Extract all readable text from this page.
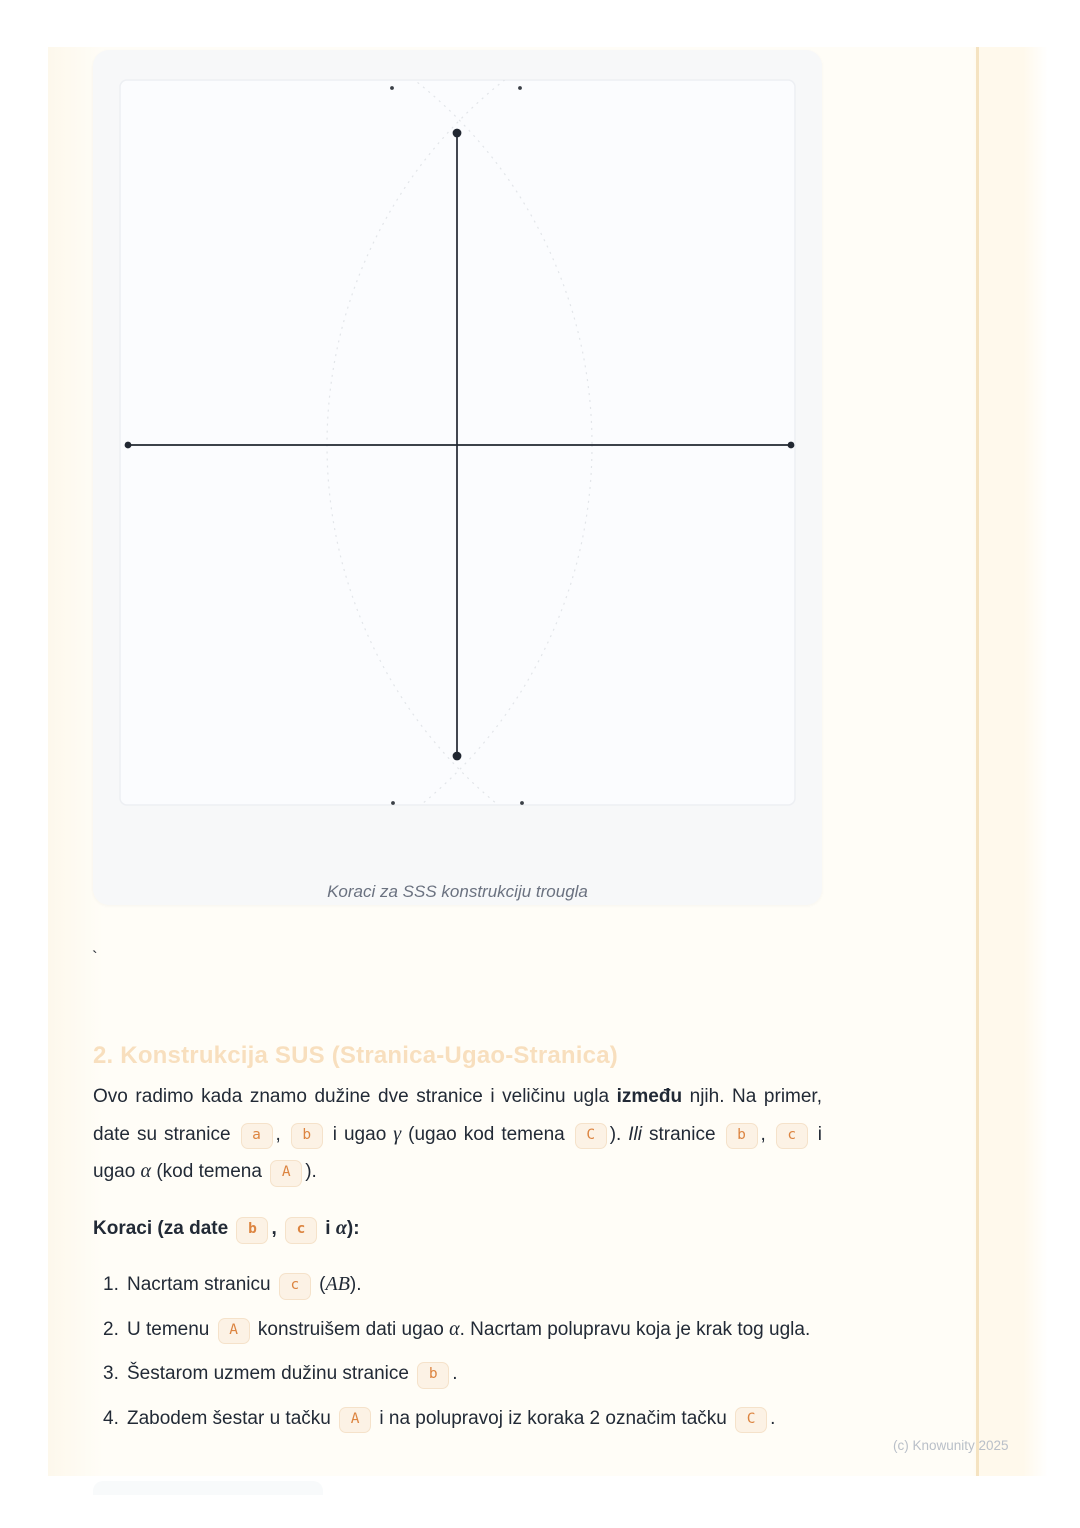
Koraci za SSS konstrukciju trougla
`
2. Konstrukcija SUS (Stranica-Ugao-Stranica)

Ovo radimo kada znamo dužine dve stranice i veličinu ugla između njih. Na primer, date su stranice a , b i ugao γ (ugao kod temena C ). Ili stranice b , c i ugao α (kod temena A ).

Koraci (za date b , c i α):

1. Nacrtam stranicu c (AB).
2. U temenu A konstruišem dati ugao α. Nacrtam polupravu koja je krak tog ugla.
3. Šestarom uzmem dužinu stranice b .
4. Zabodem šestar u tačku A i na polupravoj iz koraka 2 označim tačku C .
(c) Knowunity 2025
